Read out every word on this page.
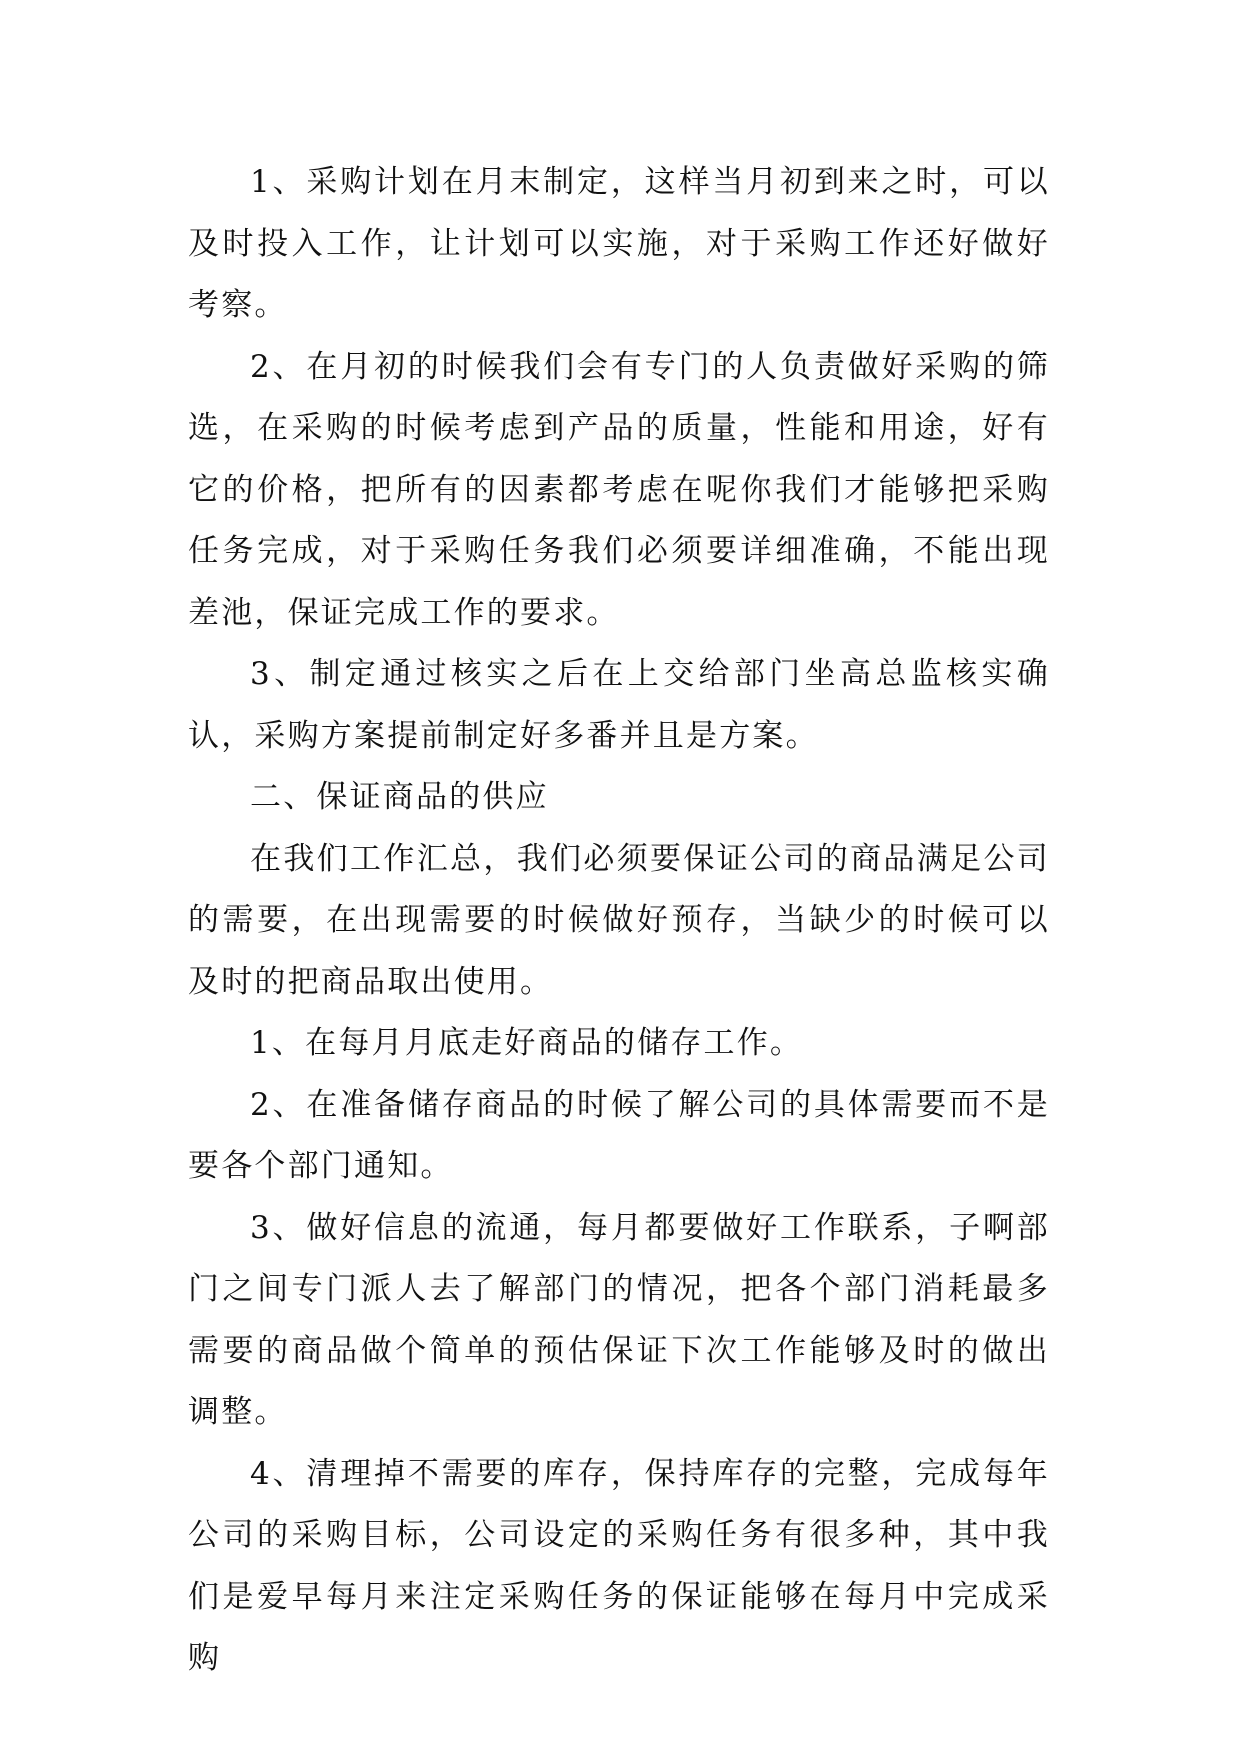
1、采购计划在月末制定，这样当月初到来之时，可以及时投入工作，让计划可以实施，对于采购工作还好做好考察。

2、在月初的时候我们会有专门的人负责做好采购的筛选，在采购的时候考虑到产品的质量，性能和用途，好有它的价格，把所有的因素都考虑在呢你我们才能够把采购任务完成，对于采购任务我们必须要详细准确，不能出现差池，保证完成工作的要求。

3、制定通过核实之后在上交给部门坐高总监核实确认，采购方案提前制定好多番并且是方案。

二、保证商品的供应

在我们工作汇总，我们必须要保证公司的商品满足公司的需要，在出现需要的时候做好预存，当缺少的时候可以及时的把商品取出使用。

1、在每月月底走好商品的储存工作。

2、在准备储存商品的时候了解公司的具体需要而不是要各个部门通知。

3、做好信息的流通，每月都要做好工作联系，子啊部门之间专门派人去了解部门的情况，把各个部门消耗最多需要的商品做个简单的预估保证下次工作能够及时的做出调整。

4、清理掉不需要的库存，保持库存的完整，完成每年公司的采购目标，公司设定的采购任务有很多种，其中我们是爱早每月来注定采购任务的保证能够在每月中完成采购
